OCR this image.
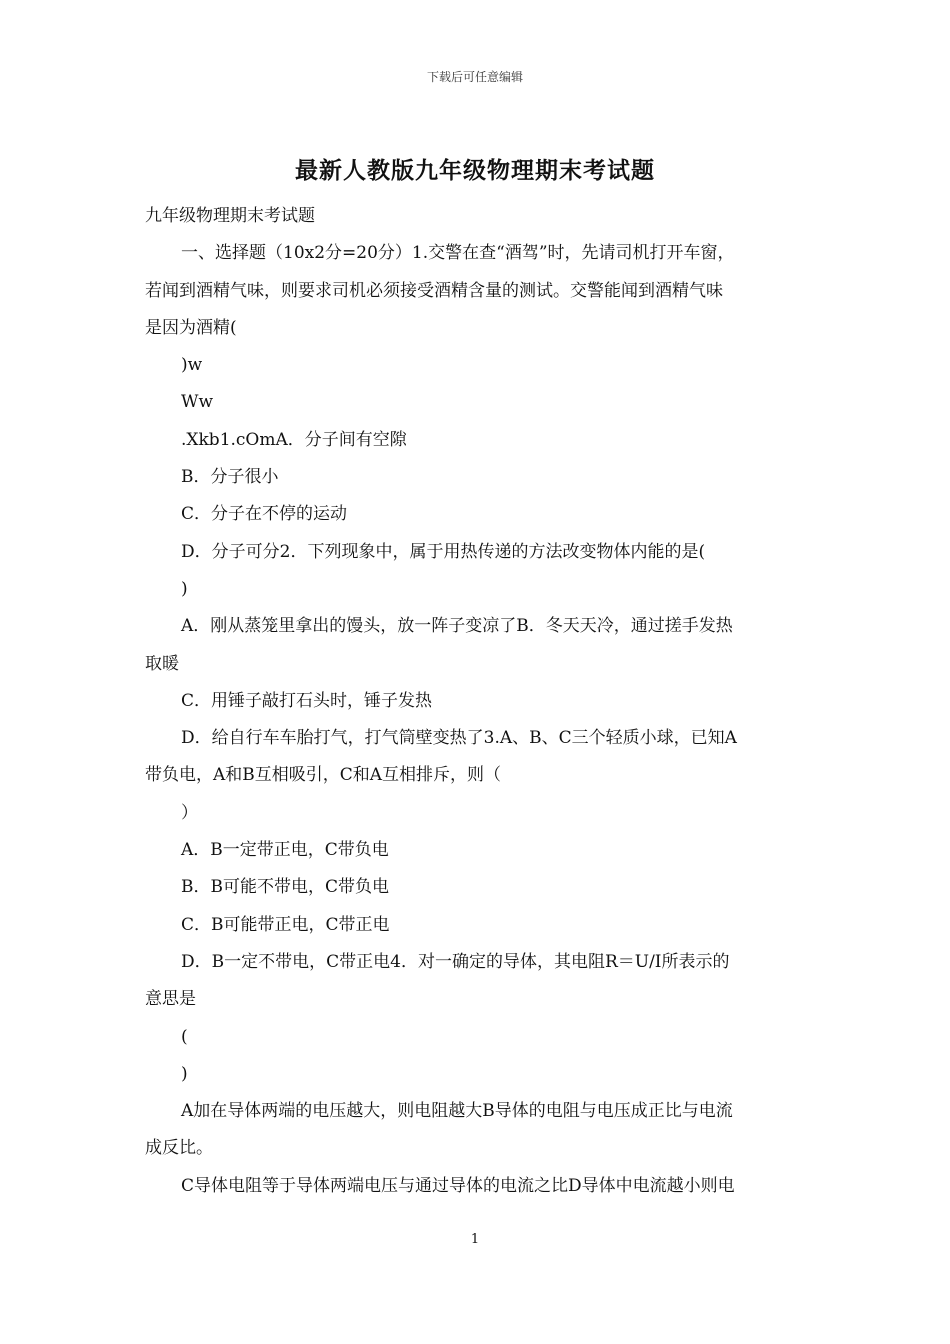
下载后可任意编辑
最新人教版九年级物理期末考试题

九年级物理期末考试题

一、选择题（10x2分=20分）1.交警在查“酒驾”时，先请司机打开车窗，

若闻到酒精气味，则要求司机必须接受酒精含量的测试。交警能闻到酒精气味

是因为酒精(

)w

Ww

.Xkb1.cOmA．分子间有空隙

B．分子很小

C．分子在不停的运动

D．分子可分2．下列现象中，属于用热传递的方法改变物体内能的是(

)

A．刚从蒸笼里拿出的馒头，放一阵子变凉了B．冬天天冷，通过搓手发热

取暖

C．用锤子敲打石头时，锤子发热

D．给自行车车胎打气，打气筒壁变热了3.A、B、C三个轻质小球，已知A

带负电，A和B互相吸引，C和A互相排斥，则（

）

A．B一定带正电，C带负电

B．B可能不带电，C带负电

C．B可能带正电，C带正电

D．B一定不带电，C带正电4．对一确定的导体，其电阻R＝U/I所表示的

意思是

(

)

A加在导体两端的电压越大，则电阻越大B导体的电阻与电压成正比与电流

成反比。

C导体电阻等于导体两端电压与通过导体的电流之比D导体中电流越小则电

1
